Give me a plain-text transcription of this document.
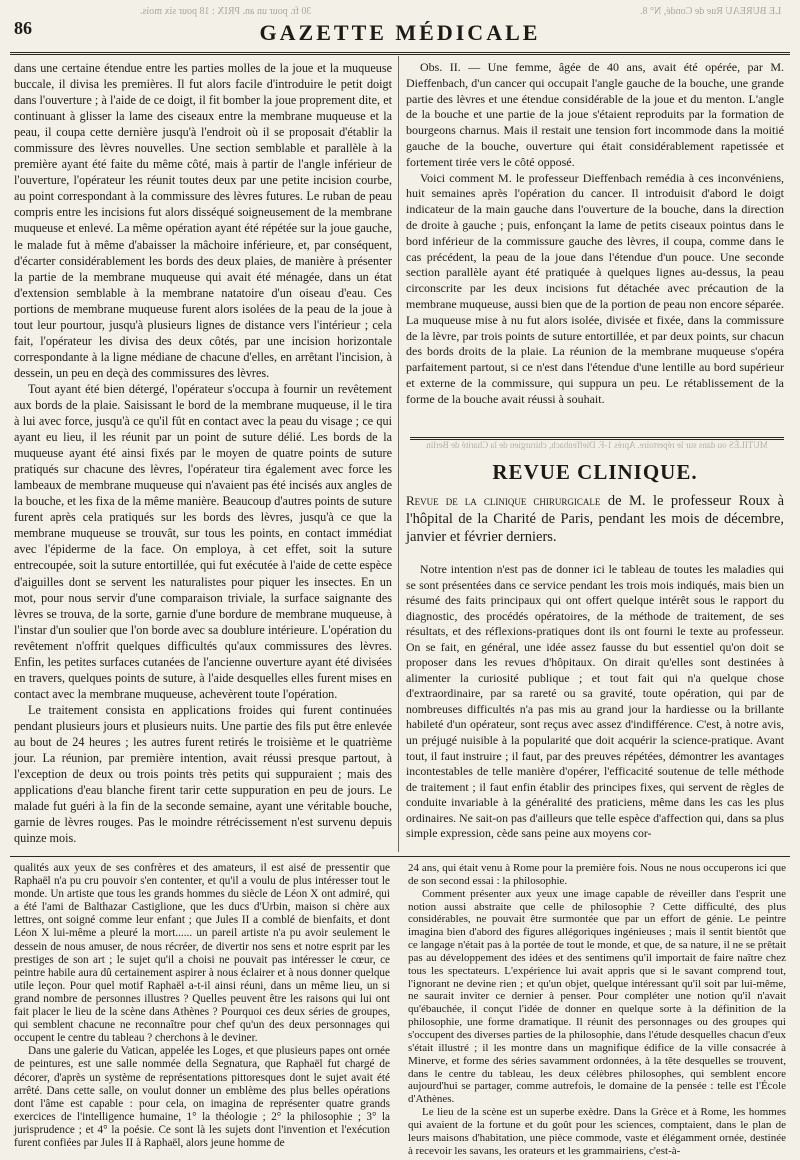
86
30 fr. pour un an. PRIX : 18 pour six mois.
GAZETTE MÉDICALE
LE BUREAU Rue de Condé, N° 8.

dans une certaine étendue entre les parties molles de la joue et la muqueuse buccale, il divisa les premières. Il fut alors facile d'introduire le petit doigt dans l'ouverture ; à l'aide de ce doigt, il fit bomber la joue proprement dite, et continuant à glisser la lame des ciseaux entre la membrane muqueuse et la peau, il coupa cette dernière jusqu'à l'endroit où il se proposait d'établir la commissure des lèvres nouvelles. Une section semblable et parallèle à la première ayant été faite du même côté, mais à partir de l'angle inférieur de l'ouverture, l'opérateur les réunit toutes deux par une petite incision courbe, au point correspondant à la commissure des lèvres futures. Le ruban de peau compris entre les incisions fut alors disséqué soigneusement de la membrane muqueuse et enlevé. La même opération ayant été répétée sur la joue gauche, le malade fut à même d'abaisser la mâchoire inférieure, et, par conséquent, d'écarter considérablement les bords des deux plaies, de manière à présenter la partie de la membrane muqueuse qui avait été ménagée, dans un état d'extension semblable à la membrane natatoire d'un oiseau d'eau. Ces portions de membrane muqueuse furent alors isolées de la peau de la joue à tout leur pourtour, jusqu'à plusieurs lignes de distance vers l'intérieur ; cela fait, l'opérateur les divisa des deux côtés, par une incision horizontale correspondante à la ligne médiane de chacune d'elles, en arrêtant l'incision, à dessein, un peu en deçà des commissures des lèvres.

Tout ayant été bien détergé, l'opérateur s'occupa à fournir un revêtement aux bords de la plaie. Saisissant le bord de la membrane muqueuse, il le tira à lui avec force, jusqu'à ce qu'il fût en contact avec la peau du visage ; ce qui ayant eu lieu, il les réunit par un point de suture délié. Les bords de la muqueuse ayant été ainsi fixés par le moyen de quatre points de suture pratiqués sur chacune des lèvres, l'opérateur tira également avec force les lambeaux de membrane muqueuse qui n'avaient pas été incisés aux angles de la bouche, et les fixa de la même manière. Beaucoup d'autres points de suture furent après cela pratiqués sur les bords des lèvres, jusqu'à ce que la membrane muqueuse se trouvât, sur tous les points, en contact immédiat avec l'épiderme de la face. On employa, à cet effet, soit la suture entrecoupée, soit la suture entortillée, qui fut exécutée à l'aide de cette espèce d'aiguilles dont se servent les naturalistes pour piquer les insectes. En un mot, pour nous servir d'une comparaison triviale, la surface saignante des lèvres se trouva, de la sorte, garnie d'une bordure de membrane muqueuse, à l'instar d'un soulier que l'on borde avec sa doublure intérieure. L'opération du revêtement n'offrit quelques difficultés qu'aux commissures des lèvres. Enfin, les petites surfaces cutanées de l'ancienne ouverture ayant été divisées en travers, quelques points de suture, à l'aide desquelles elles furent mises en contact avec la membrane muqueuse, achevèrent toute l'opération.

Le traitement consista en applications froides qui furent continuées pendant plusieurs jours et plusieurs nuits. Une partie des fils put être enlevée au bout de 24 heures ; les autres furent retirés le troisième et le quatrième jour. La réunion, par première intention, avait réussi presque partout, à l'exception de deux ou trois points très petits qui suppuraient ; mais des applications d'eau blanche firent tarir cette suppuration en peu de jours. Le malade fut guéri à la fin de la seconde semaine, ayant une véritable bouche, garnie de lèvres rouges. Pas le moindre rétrécissement n'est survenu depuis quinze mois.

Obs. II. — Une femme, âgée de 40 ans, avait été opérée, par M. Dieffenbach, d'un cancer qui occupait l'angle gauche de la bouche, une grande partie des lèvres et une étendue considérable de la joue et du menton. L'angle de la bouche et une partie de la joue s'étaient reproduits par la formation de bourgeons charnus. Mais il restait une tension fort incommode dans la moitié gauche de la bouche, ouverture qui était considérablement rapetissée et fortement tirée vers le côté opposé.

Voici comment M. le professeur Dieffenbach remédia à ces inconvéniens, huit semaines après l'opération du cancer. Il introduisit d'abord le doigt indicateur de la main gauche dans l'ouverture de la bouche, dans la direction de droite à gauche ; puis, enfonçant la lame de petits ciseaux pointus dans le bord inférieur de la commissure gauche des lèvres, il coupa, comme dans le cas précédent, la peau de la joue dans l'étendue d'un pouce. Une seconde section parallèle ayant été pratiquée à quelques lignes au-dessus, la peau circonscrite par les deux incisions fut détachée avec précaution de la membrane muqueuse, aussi bien que de la portion de peau non encore séparée. La muqueuse mise à nu fut alors isolée, divisée et fixée, dans la commissure de la lèvre, par trois points de suture entortillée, et par deux points, sur chacun des bords droits de la plaie. La réunion de la membrane muqueuse s'opéra parfaitement partout, si ce n'est dans l'étendue d'une lentille au bord supérieur et externe de la commissure, qui suppura un peu. Le rétablissement de la forme de la bouche avait réussi à souhait.

MUTILÉS ou dans sur le répertoire. Après 1-F. Dieffenbach, chirurgien de la Charité de Berlin
REVUE CLINIQUE.
Revue de la clinique chirurgicale de M. le professeur Roux à l'hôpital de la Charité de Paris, pendant les mois de décembre, janvier et février derniers.

Notre intention n'est pas de donner ici le tableau de toutes les maladies qui se sont présentées dans ce service pendant les trois mois indiqués, mais bien un résumé des faits principaux qui ont offert quelque intérêt sous le rapport du diagnostic, des procédés opératoires, de la méthode de traitement, de ses résultats, et des réflexions-pratiques dont ils ont fourni le texte au professeur. On se fait, en général, une idée assez fausse du but essentiel qu'on doit se proposer dans les revues d'hôpitaux. On dirait qu'elles sont destinées à alimenter la curiosité publique ; et tout fait qui n'a quelque chose d'extraordinaire, par sa rareté ou sa gravité, toute opération, qui par de nombreuses difficultés n'a pas mis au grand jour la hardiesse ou la brillante habileté d'un opérateur, sont reçus avec assez d'indifférence. C'est, à notre avis, un préjugé nuisible à la popularité que doit acquérir la science-pratique. Avant tout, il faut instruire ; il faut, par des preuves répétées, démontrer les avantages incontestables de telle manière d'opérer, l'efficacité soutenue de telle méthode de traitement ; il faut enfin établir des principes fixes, qui servent de règles de conduite invariable à la généralité des praticiens, même dans les cas les plus ordinaires. Ne sait-on pas d'ailleurs que telle espèce d'affection qui, dans sa plus simple expression, cède sans peine aux moyens cor-

qualités aux yeux de ses confrères et des amateurs, il est aisé de pressentir que Raphaël n'a pu cru pouvoir s'en contenter, et qu'il a voulu de plus intéresser tout le monde. Un artiste que tous les grands hommes du siècle de Léon X ont admiré, qui a été l'ami de Balthazar Castiglione, que les ducs d'Urbin, maison si chère aux lettres, ont soigné comme leur enfant ; que Jules II a comblé de bienfaits, et dont Léon X lui-même a pleuré la mort...... un pareil artiste n'a pu avoir seulement le dessein de nous amuser, de nous récréer, de divertir nos sens et notre esprit par les prestiges de son art ; le sujet qu'il a choisi ne pouvait pas intéresser le cœur, ce peintre habile aura dû certainement aspirer à nous éclairer et à nous donner quelque utile leçon. Pour quel motif Raphaël a-t-il ainsi réuni, dans un même lieu, un si grand nombre de personnes illustres ? Quelles peuvent être les raisons qui lui ont fait placer le lieu de la scène dans Athènes ? Pourquoi ces deux séries de groupes, qui semblent chacune ne reconnaître pour chef qu'un des deux personnages qui occupent le centre du tableau ? cherchons à le deviner.

Dans une galerie du Vatican, appelée les Loges, et que plusieurs papes ont ornée de peintures, est une salle nommée della Segnatura, que Raphaël fut chargé de décorer, d'après un système de représentations pittoresques dont le sujet avait été arrêté. Dans cette salle, on voulut donner un emblème des plus belles opérations dont l'âme est capable : pour cela, on imagina de représenter quatre grands exercices de l'intelligence humaine, 1° la théologie ; 2° la philosophie ; 3° la jurisprudence ; et 4° la poésie. Ce sont là les sujets dont l'invention et l'exécution furent confiées par Jules II à Raphaël, alors jeune homme de

24 ans, qui était venu à Rome pour la première fois. Nous ne nous occuperons ici que de son second essai : la philosophie.

Comment présenter aux yeux une image capable de réveiller dans l'esprit une notion aussi abstraite que celle de philosophie ? Cette difficulté, des plus considérables, ne pouvait être surmontée que par un effort de génie. Le peintre imagina bien d'abord des figures allégoriques ingénieuses ; mais il sentit bientôt que ce langage n'était pas à la portée de tout le monde, et que, de sa nature, il ne se prêtait pas au développement des idées et des sentimens qu'il importait de faire naître chez tous les spectateurs. L'expérience lui avait appris que si le savant comprend tout, l'ignorant ne devine rien ; et qu'un objet, quelque intéressant qu'il soit par lui-même, ne saurait inviter ce dernier à penser. Pour compléter une notion qu'il n'avait qu'ébauchée, il conçut l'idée de donner en quelque sorte à la définition de la philosophie, une forme dramatique. Il réunit des personnages ou des groupes qui s'occupent des diverses parties de la philosophie, dans l'étude desquelles chacun d'eux s'était illustré ; il les montre dans un magnifique édifice de la ville consacrée à Minerve, et forme des séries savamment ordonnées, à la tête desquelles se trouvent, dans le centre du tableau, les deux célèbres philosophes, qui semblent encore aujourd'hui se partager, comme autrefois, le domaine de la pensée : telle est l'École d'Athènes.

Le lieu de la scène est un superbe exèdre. Dans la Grèce et à Rome, les hommes qui avaient de la fortune et du goût pour les sciences, comptaient, dans le plan de leurs maisons d'habitation, une pièce commode, vaste et élégamment ornée, destinée à recevoir les savans, les orateurs et les grammairiens, c'est-à-
